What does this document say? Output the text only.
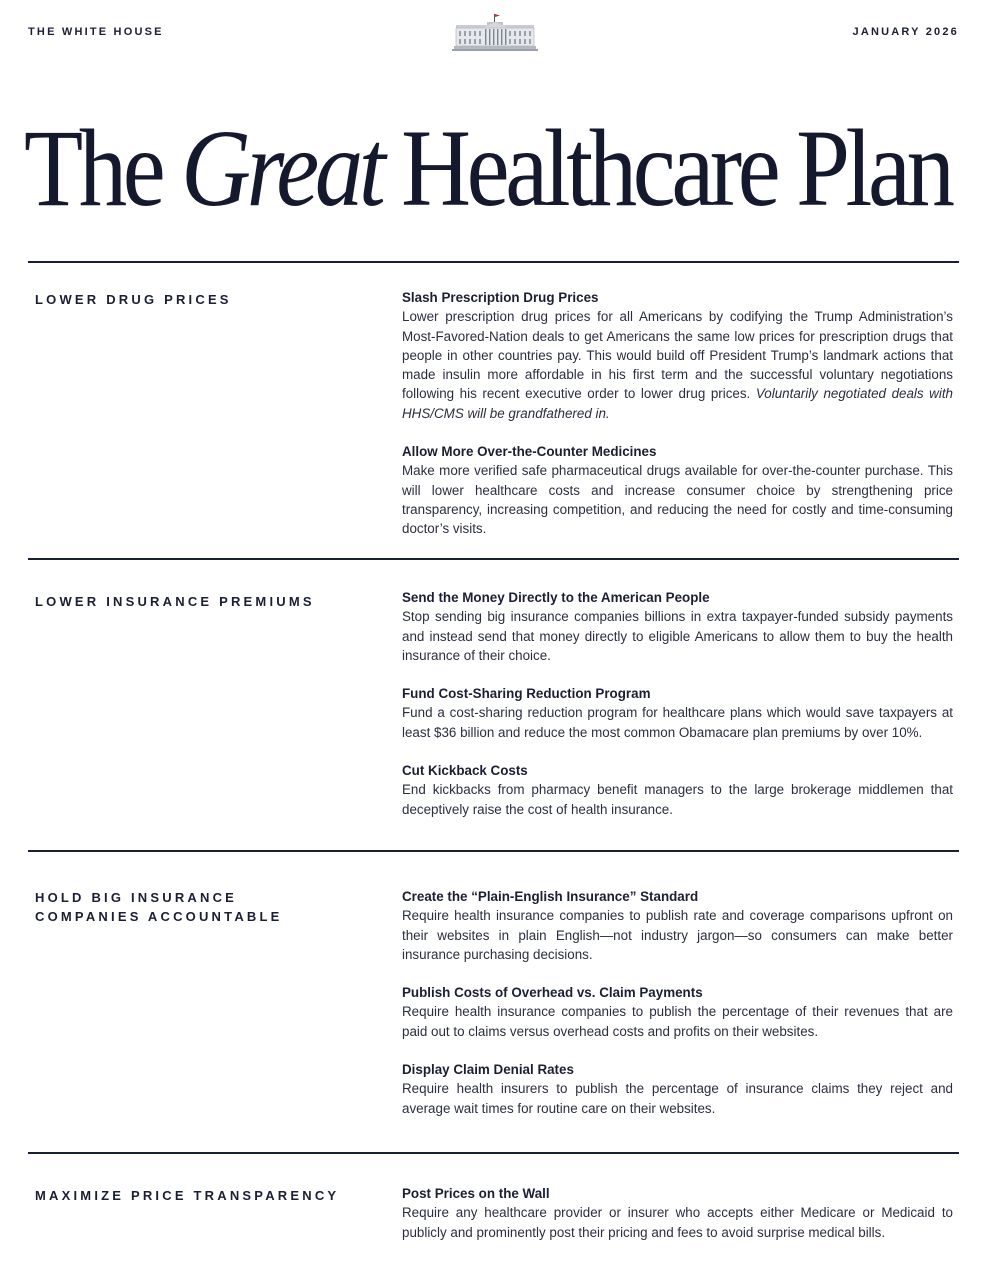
THE WHITE HOUSE	JANUARY 2026
The Great Healthcare Plan
LOWER DRUG PRICES	Slash Prescription Drug Prices
Lower prescription drug prices for all Americans by codifying the Trump Administration’s Most-Favored-Nation deals to get Americans the same low prices for prescription drugs that people in other countries pay. This would build off President Trump’s landmark actions that made insulin more affordable in his first term and the successful voluntary negotiations following his recent executive order to lower drug prices. Voluntarily negotiated deals with HHS/CMS will be grandfathered in.
Allow More Over-the-Counter Medicines
Make more verified safe pharmaceutical drugs available for over-the-counter purchase. This will lower healthcare costs and increase consumer choice by strengthening price transparency, increasing competition, and reducing the need for costly and time-consuming doctor’s visits.
LOWER INSURANCE PREMIUMS	Send the Money Directly to the American People
Stop sending big insurance companies billions in extra taxpayer-funded subsidy payments and instead send that money directly to eligible Americans to allow them to buy the health insurance of their choice.
Fund Cost-Sharing Reduction Program
Fund a cost-sharing reduction program for healthcare plans which would save taxpayers at least $36 billion and reduce the most common Obamacare plan premiums by over 10%.
Cut Kickback Costs
End kickbacks from pharmacy benefit managers to the large brokerage middlemen that deceptively raise the cost of health insurance.
HOLD BIG INSURANCE
COMPANIES ACCOUNTABLE
Create the “Plain-English Insurance” Standard
Require health insurance companies to publish rate and coverage comparisons upfront on their websites in plain English—not industry jargon—so consumers can make better insurance purchasing decisions.
Publish Costs of Overhead vs. Claim Payments
Require health insurance companies to publish the percentage of their revenues that are paid out to claims versus overhead costs and profits on their websites.
Display Claim Denial Rates
Require health insurers to publish the percentage of insurance claims they reject and average wait times for routine care on their websites.
MAXIMIZE PRICE TRANSPARENCY	Post Prices on the Wall
Require any healthcare provider or insurer who accepts either Medicare or Medicaid to publicly and prominently post their pricing and fees to avoid surprise medical bills.
